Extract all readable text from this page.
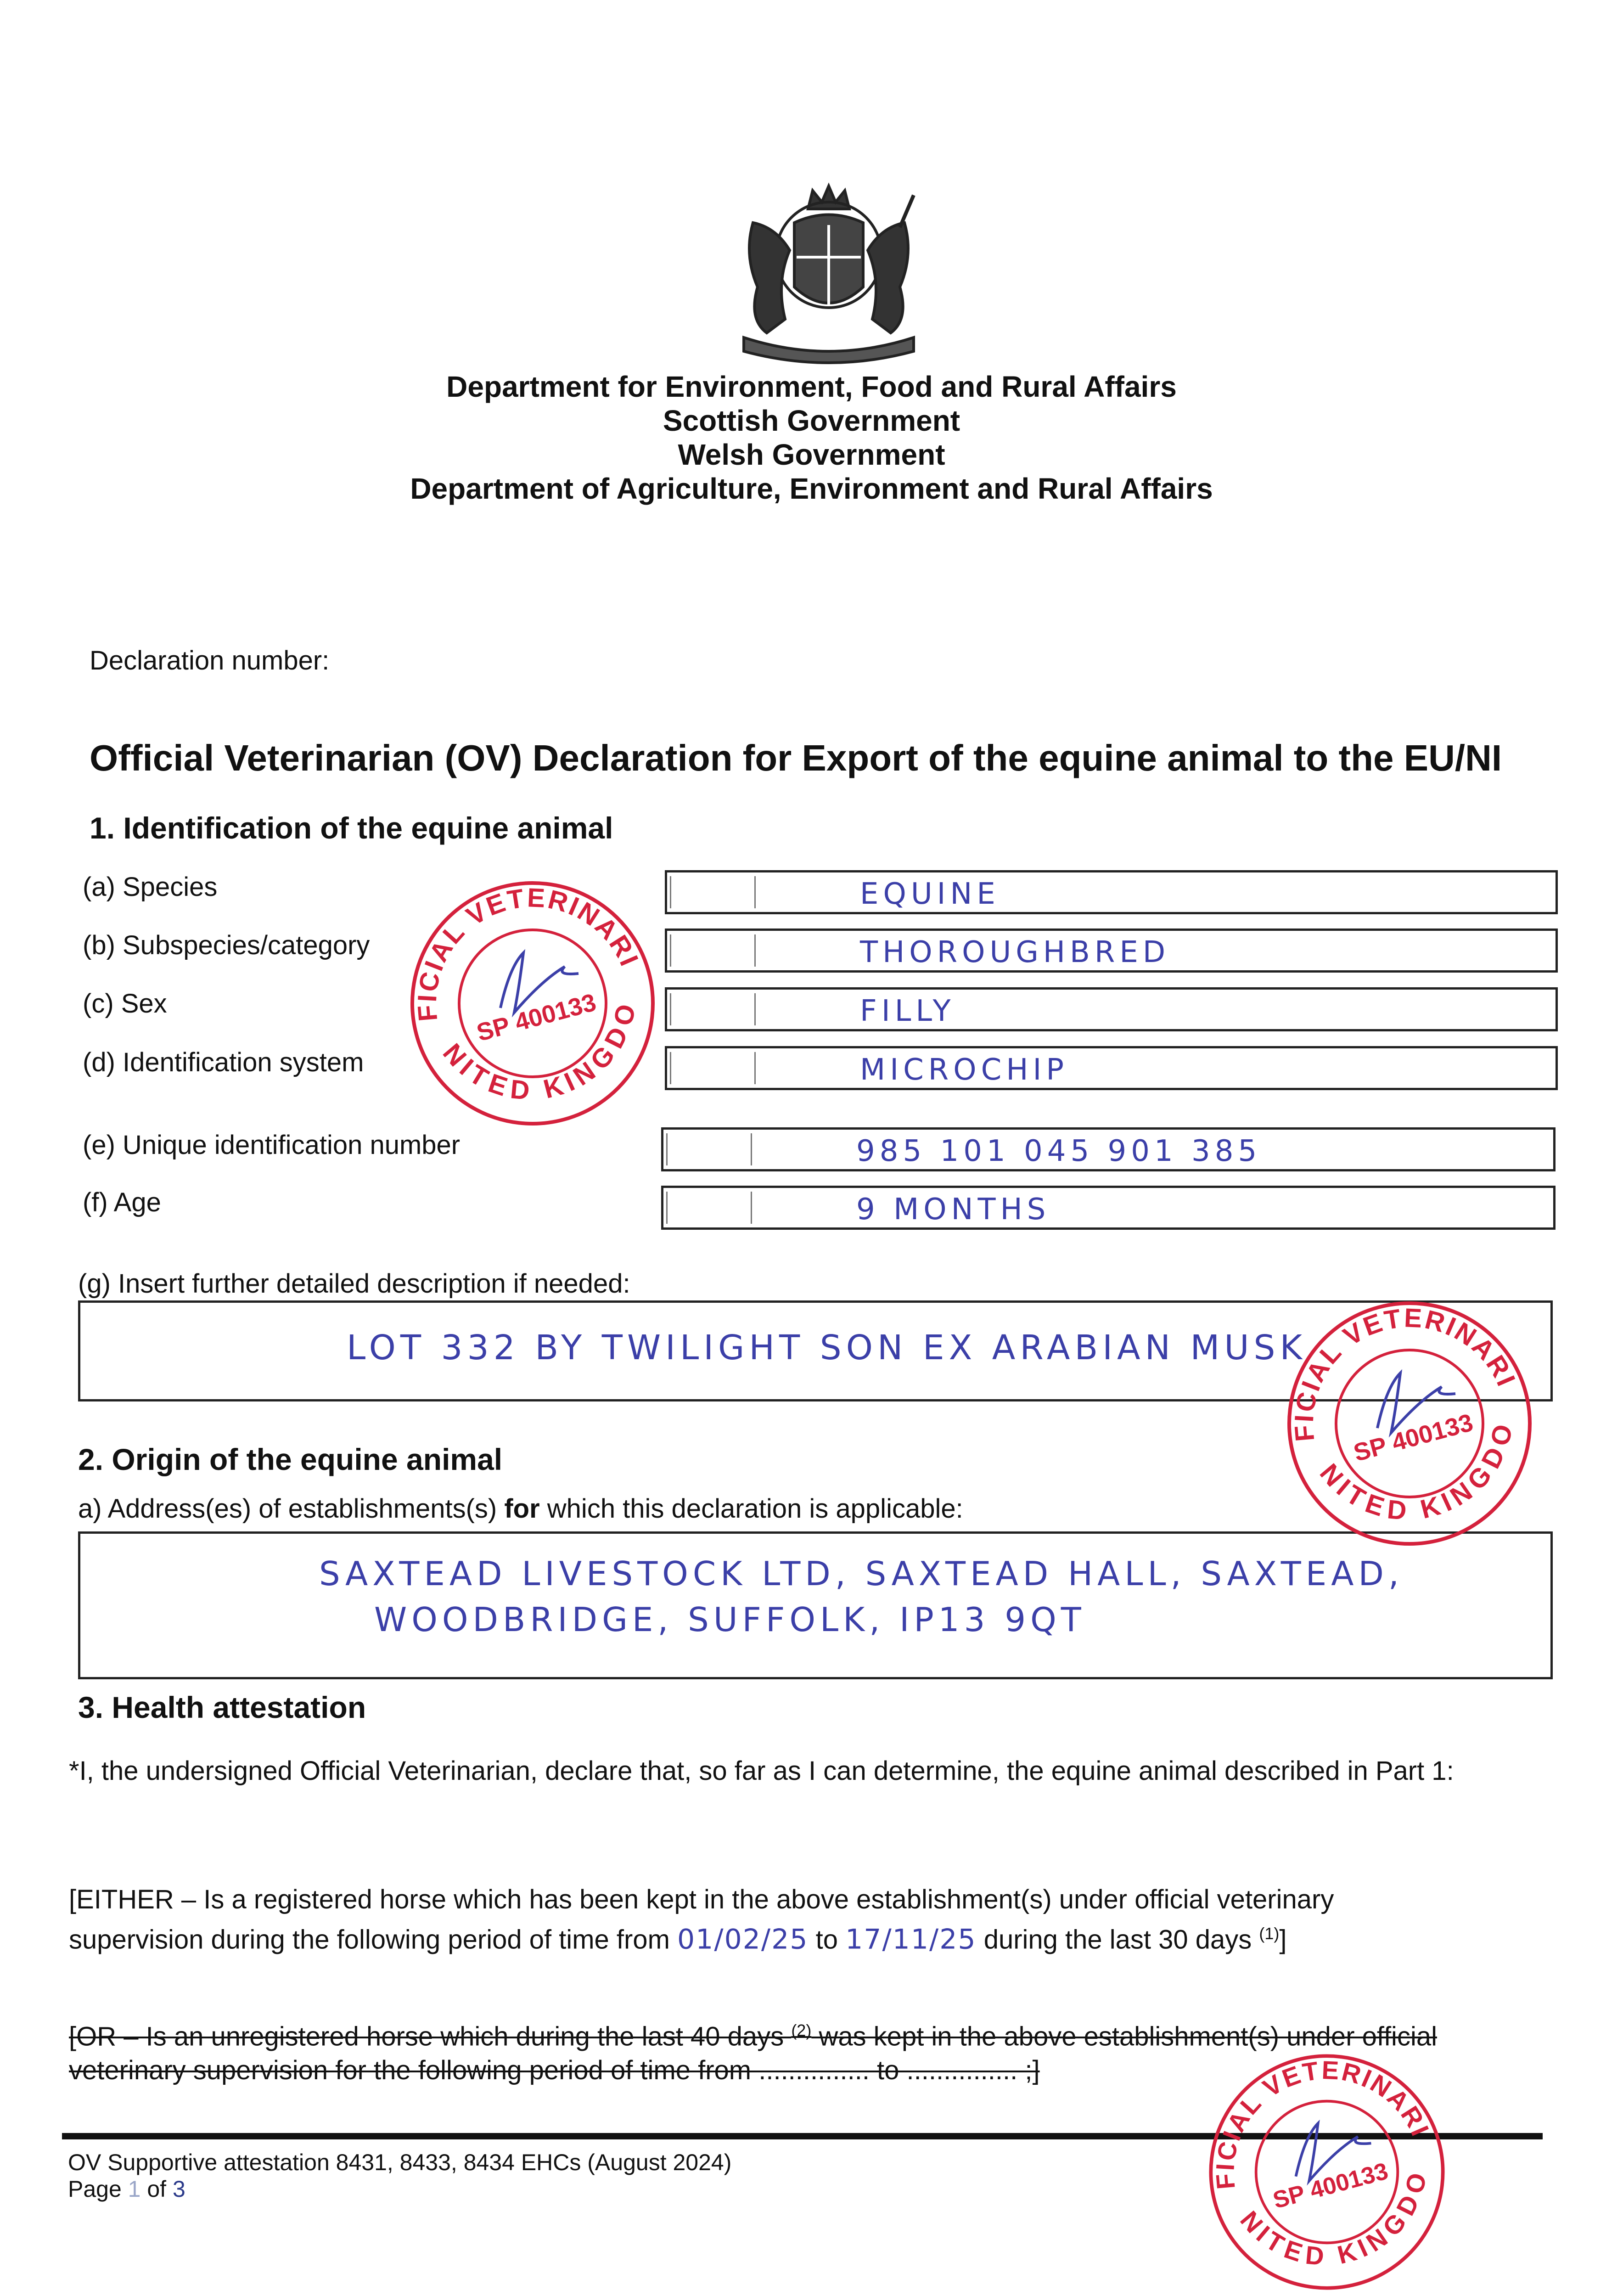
Department for Environment, Food and Rural Affairs
Scottish Government
Welsh Government
Department of Agriculture, Environment and Rural Affairs
Declaration number:
Official Veterinarian (OV) Declaration for Export of the equine animal to the EU/NI
1. Identification of the equine animal
(a) Species	EQUINE
(b) Subspecies/category	THOROUGHBRED
(c) Sex	FILLY
(d) Identification system	MICROCHIP
(e) Unique identification number	985 101 045 901 385
(f) Age	9 MONTHS
(g) Insert further detailed description if needed:
LOT 332 BY TWILIGHT SON EX ARABIAN MUSK
2. Origin of the equine animal
a) Address(es) of establishments(s) for which this declaration is applicable:
SAXTEAD LIVESTOCK LTD, SAXTEAD HALL, SAXTEAD,
WOODBRIDGE, SUFFOLK, IP13 9QT
3. Health attestation
*I, the undersigned Official Veterinarian, declare that, so far as I can determine, the equine animal described in Part 1:
[EITHER – Is a registered horse which has been kept in the above establishment(s) under official veterinary
supervision during the following period of time from 01/02/25 to 17/11/25 during the last 30 days $^{(1)}$]
[OR – Is an unregistered horse which during the last 40 days $^{(2)}$ was kept in the above establishment(s) under official
veterinary supervision for the following period of time from ............... to ............... ;]
OV Supportive attestation 8431, 8433, 8434 EHCs (August 2024)
Page 1 of 3
OFFICIAL VETERINARIAN
UNITED KINGDOM
SP 400133
OFFICIAL VETERINARIAN
UNITED KINGDOM
SP 400133
OFFICIAL VETERINARIAN
UNITED KINGDOM
SP 400133
